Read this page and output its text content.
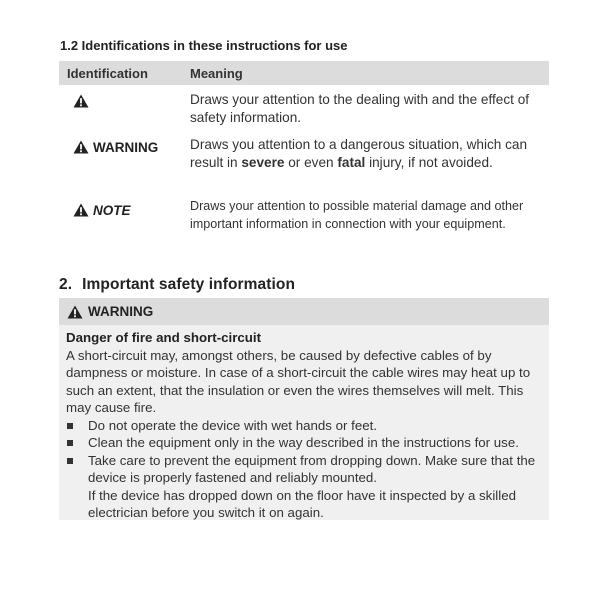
1.2 Identifications in these instructions for use
Identification	Meaning
Draws your attention to the dealing with and the effect of safety information.
WARNING	Draws you attention to a dangerous situation, which can result in severe or even fatal injury, if not avoided.
NOTE	Draws your attention to possible material damage and other important information in connection with your equipment.
2. Important safety information
WARNING
Danger of fire and short-circuit
A short-circuit may, amongst others, be caused by defective cables of by dampness or moisture. In case of a short-circuit the cable wires may heat up to such an extent, that the insulation or even the wires themselves will melt. This may cause fire.
Do not operate the device with wet hands or feet.
Clean the equipment only in the way described in the instructions for use.
Take care to prevent the equipment from dropping down. Make sure that the device is properly fastened and reliably mounted.
If the device has dropped down on the floor have it inspected by a skilled electrician before you switch it on again.
